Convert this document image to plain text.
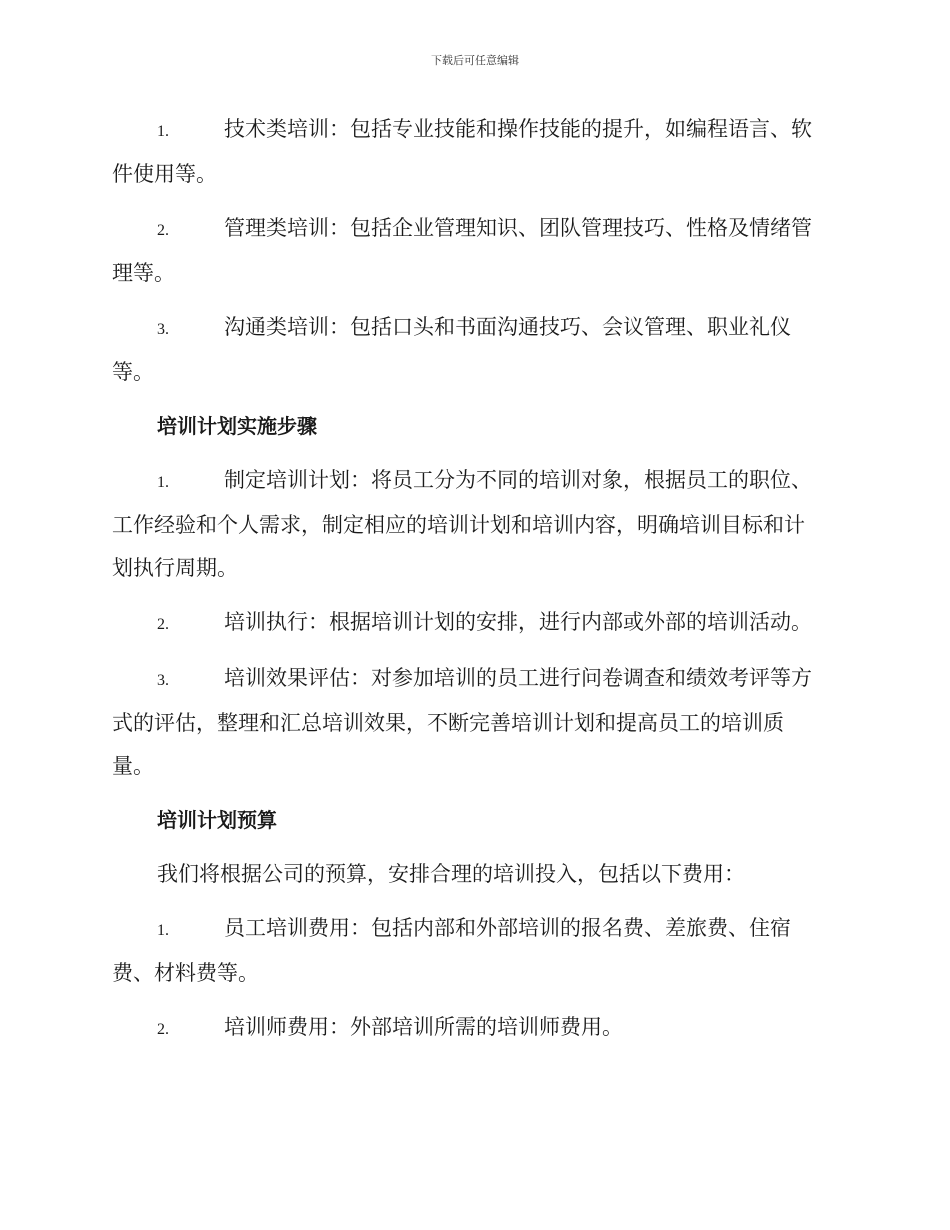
下载后可任意编辑
1.	技术类培训：包括专业技能和操作技能的提升，如编程语言、软
件使用等。
2.	管理类培训：包括企业管理知识、团队管理技巧、性格及情绪管
理等。
3.	沟通类培训：包括口头和书面沟通技巧、会议管理、职业礼仪
等。
培训计划实施步骤
1.	制定培训计划：将员工分为不同的培训对象，根据员工的职位、
工作经验和个人需求，制定相应的培训计划和培训内容，明确培训目标和计
划执行周期。
2.	培训执行：根据培训计划的安排，进行内部或外部的培训活动。
3.	培训效果评估：对参加培训的员工进行问卷调查和绩效考评等方
式的评估，整理和汇总培训效果，不断完善培训计划和提高员工的培训质
量。
培训计划预算
我们将根据公司的预算，安排合理的培训投入，包括以下费用：
1.	员工培训费用：包括内部和外部培训的报名费、差旅费、住宿
费、材料费等。
2.	培训师费用：外部培训所需的培训师费用。
